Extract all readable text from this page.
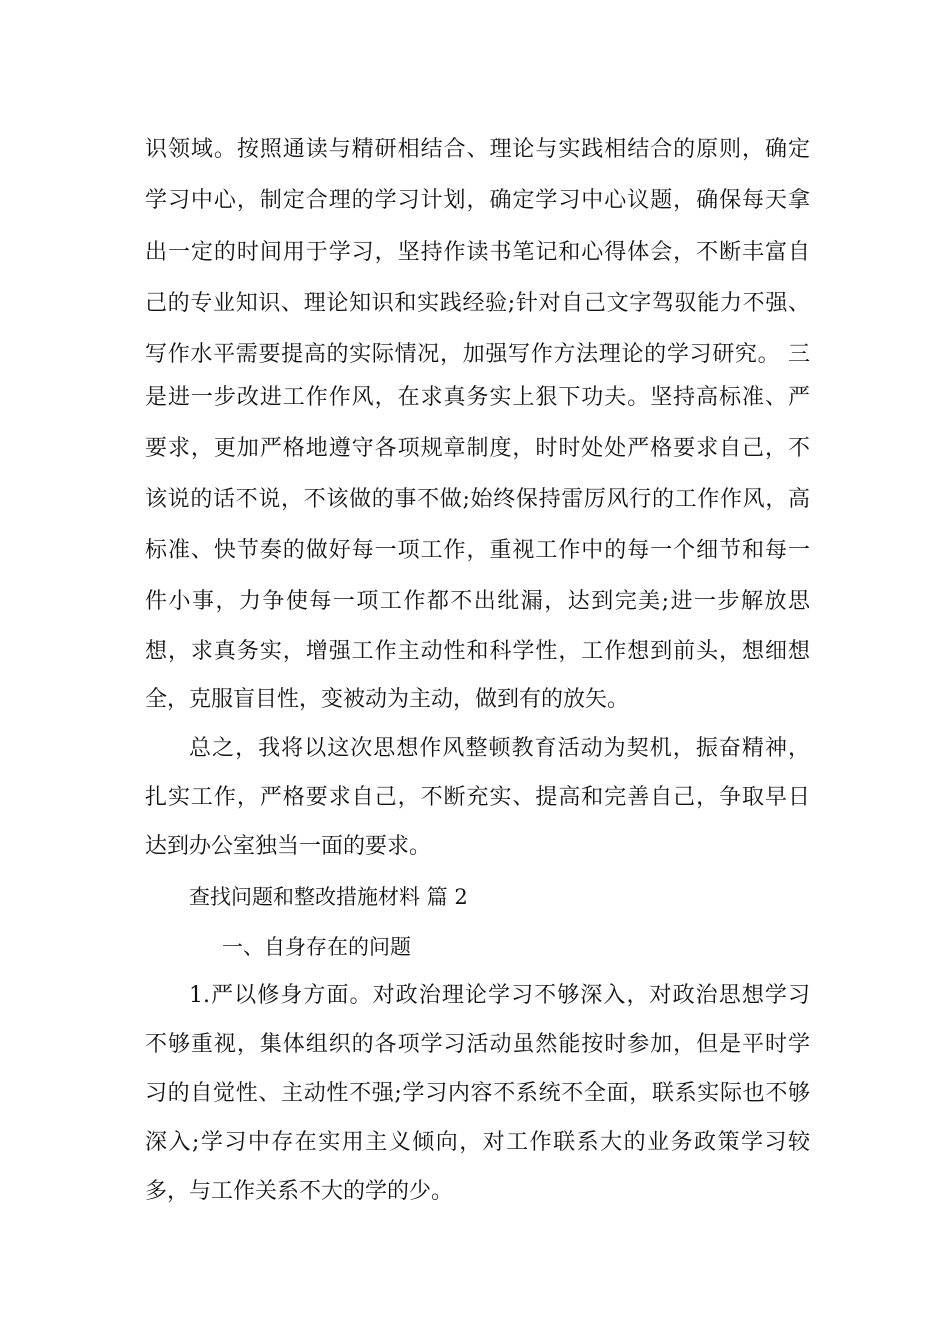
识领域。按照通读与精研相结合、理论与实践相结合的原则，确定
学习中心，制定合理的学习计划，确定学习中心议题，确保每天拿
出一定的时间用于学习，坚持作读书笔记和心得体会，不断丰富自
己的专业知识、理论知识和实践经验;针对自己文字驾驭能力不强、
写作水平需要提高的实际情况，加强写作方法理论的学习研究。 三
是进一步改进工作作风，在求真务实上狠下功夫。坚持高标准、严
要求，更加严格地遵守各项规章制度，时时处处严格要求自己，不
该说的话不说，不该做的事不做;始终保持雷厉风行的工作作风，高
标准、快节奏的做好每一项工作，重视工作中的每一个细节和每一
件小事，力争使每一项工作都不出纰漏，达到完美;进一步解放思
想，求真务实，增强工作主动性和科学性，工作想到前头，想细想
全，克服盲目性，变被动为主动，做到有的放矢。
总之，我将以这次思想作风整顿教育活动为契机，振奋精神，
扎实工作，严格要求自己，不断充实、提高和完善自己，争取早日
达到办公室独当一面的要求。
查找问题和整改措施材料 篇 2
一、自身存在的问题
1.严以修身方面。对政治理论学习不够深入，对政治思想学习
不够重视，集体组织的各项学习活动虽然能按时参加，但是平时学
习的自觉性、主动性不强;学习内容不系统不全面，联系实际也不够
深入;学习中存在实用主义倾向，对工作联系大的业务政策学习较
多，与工作关系不大的学的少。
